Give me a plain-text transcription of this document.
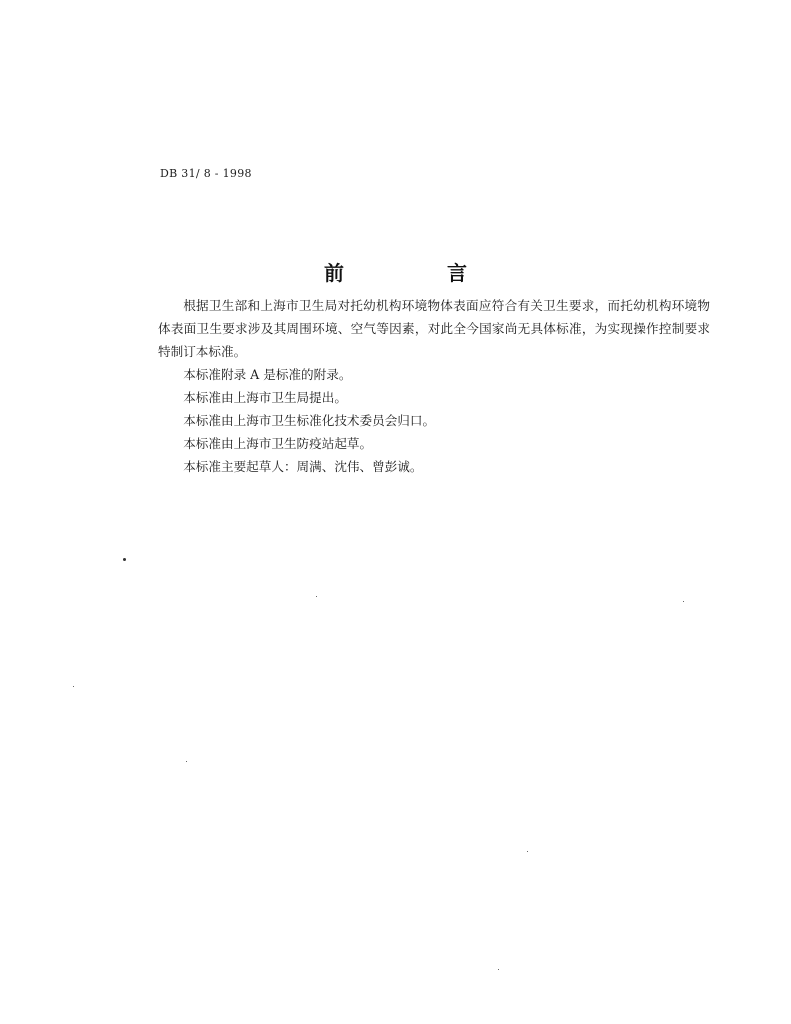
DB 31/ 8 - 1998
前 言

根据卫生部和上海市卫生局对托幼机构环境物体表面应符合有关卫生要求，而托幼机构环境物体表面卫生要求涉及其周围环境、空气等因素，对此全今国家尚无具体标准，为实现操作控制要求特制订本标准。

本标准附录 A 是标准的附录。

本标准由上海市卫生局提出。

本标准由上海市卫生标准化技术委员会归口。

本标准由上海市卫生防疫站起草。

本标准主要起草人：周满、沈伟、曾彭诚。
